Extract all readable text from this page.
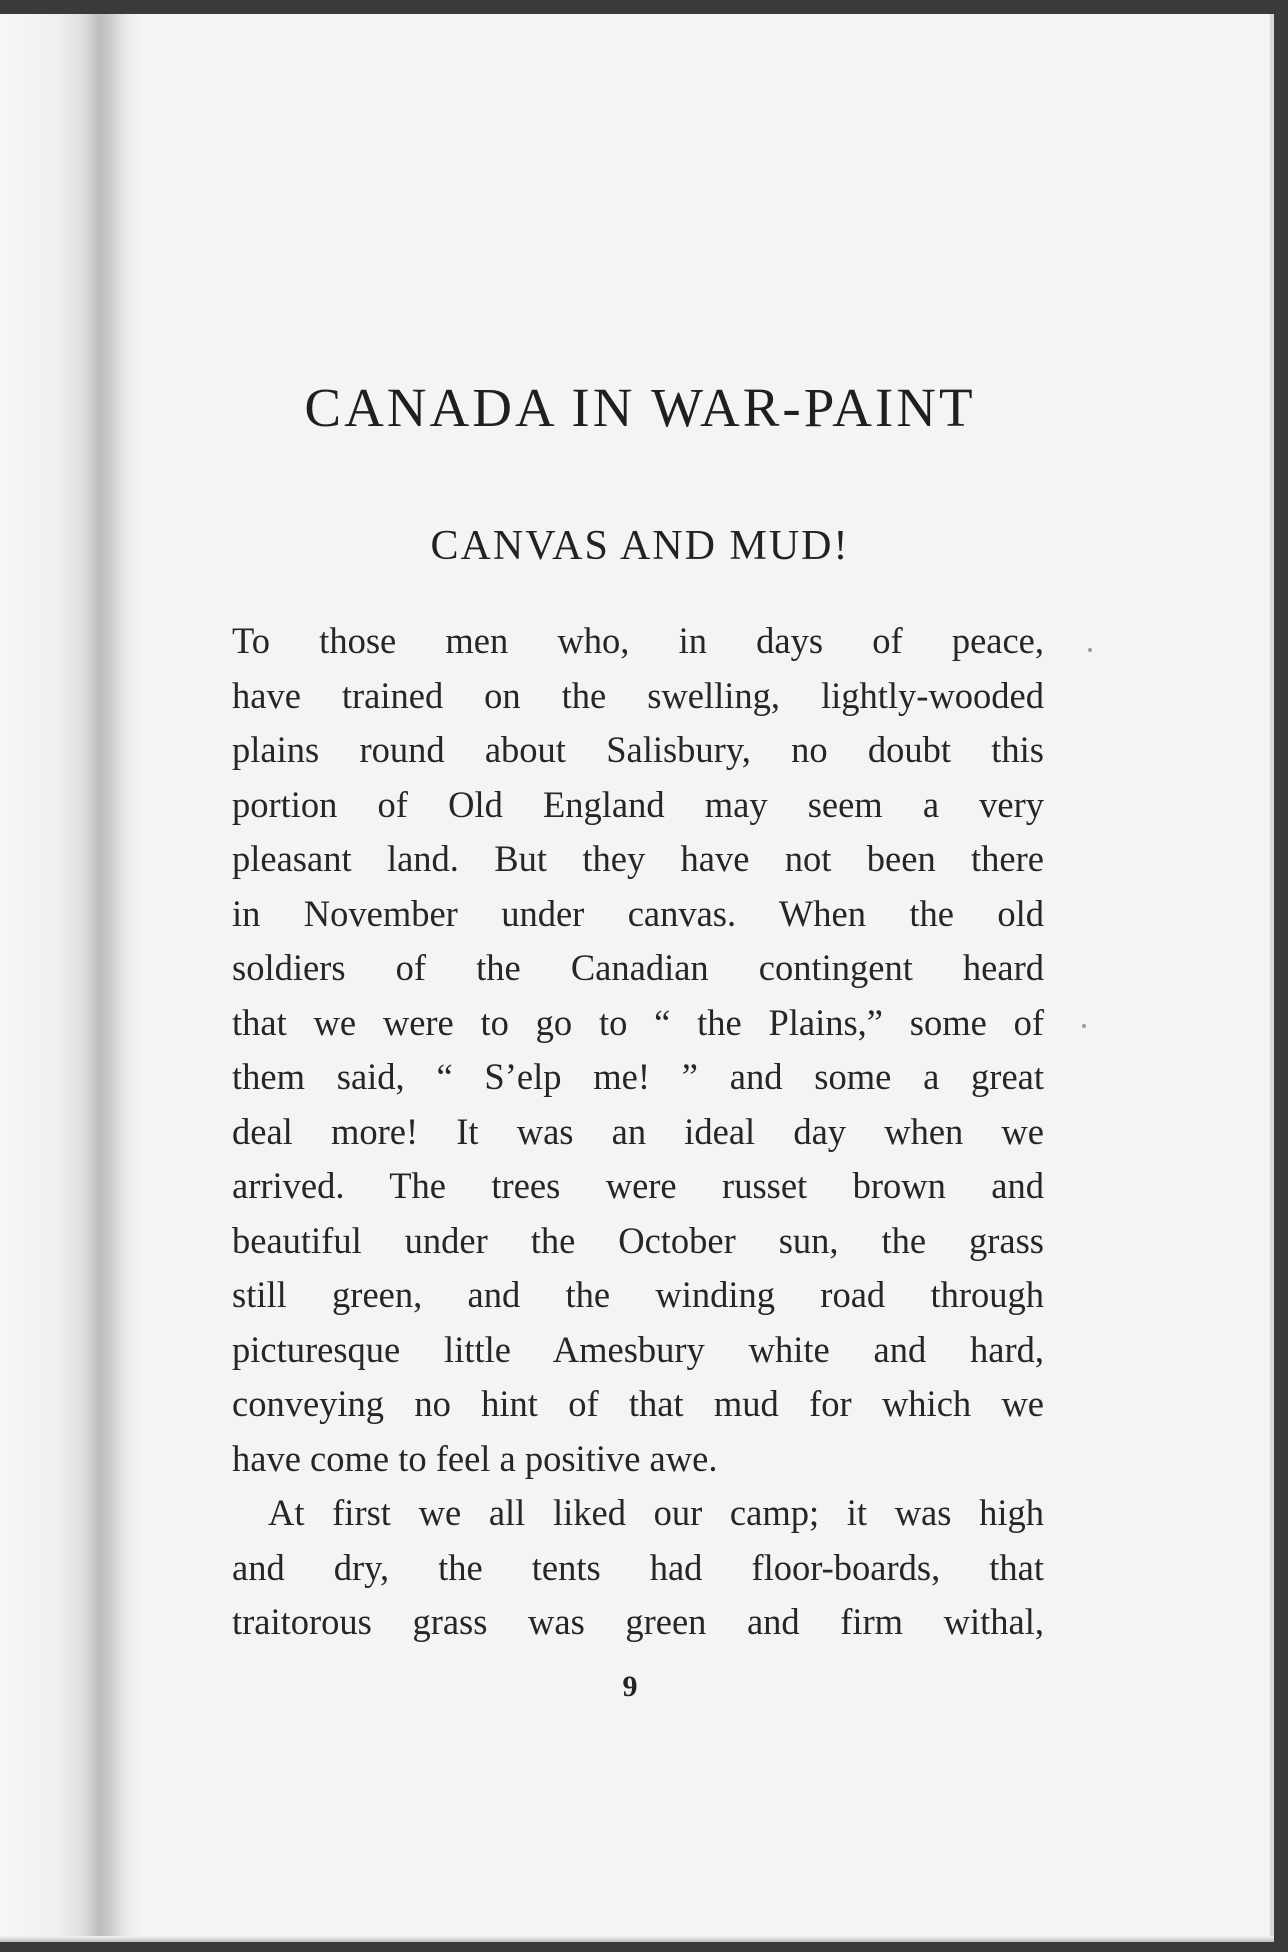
CANADA IN WAR-PAINT
CANVAS AND MUD!
To those men who, in days of peace,
have trained on the swelling, lightly-wooded
plains round about Salisbury, no doubt this
portion of Old England may seem a very
pleasant land. But they have not been there
in November under canvas. When the old
soldiers of the Canadian contingent heard
that we were to go to “ the Plains,” some of
them said, “ S’elp me! ” and some a great
deal more! It was an ideal day when we
arrived. The trees were russet brown and
beautiful under the October sun, the grass
still green, and the winding road through
picturesque little Amesbury white and hard,
conveying no hint of that mud for which we
have come to feel a positive awe.
At first we all liked our camp; it was high
and dry, the tents had floor-boards, that
traitorous grass was green and firm withal,
9
